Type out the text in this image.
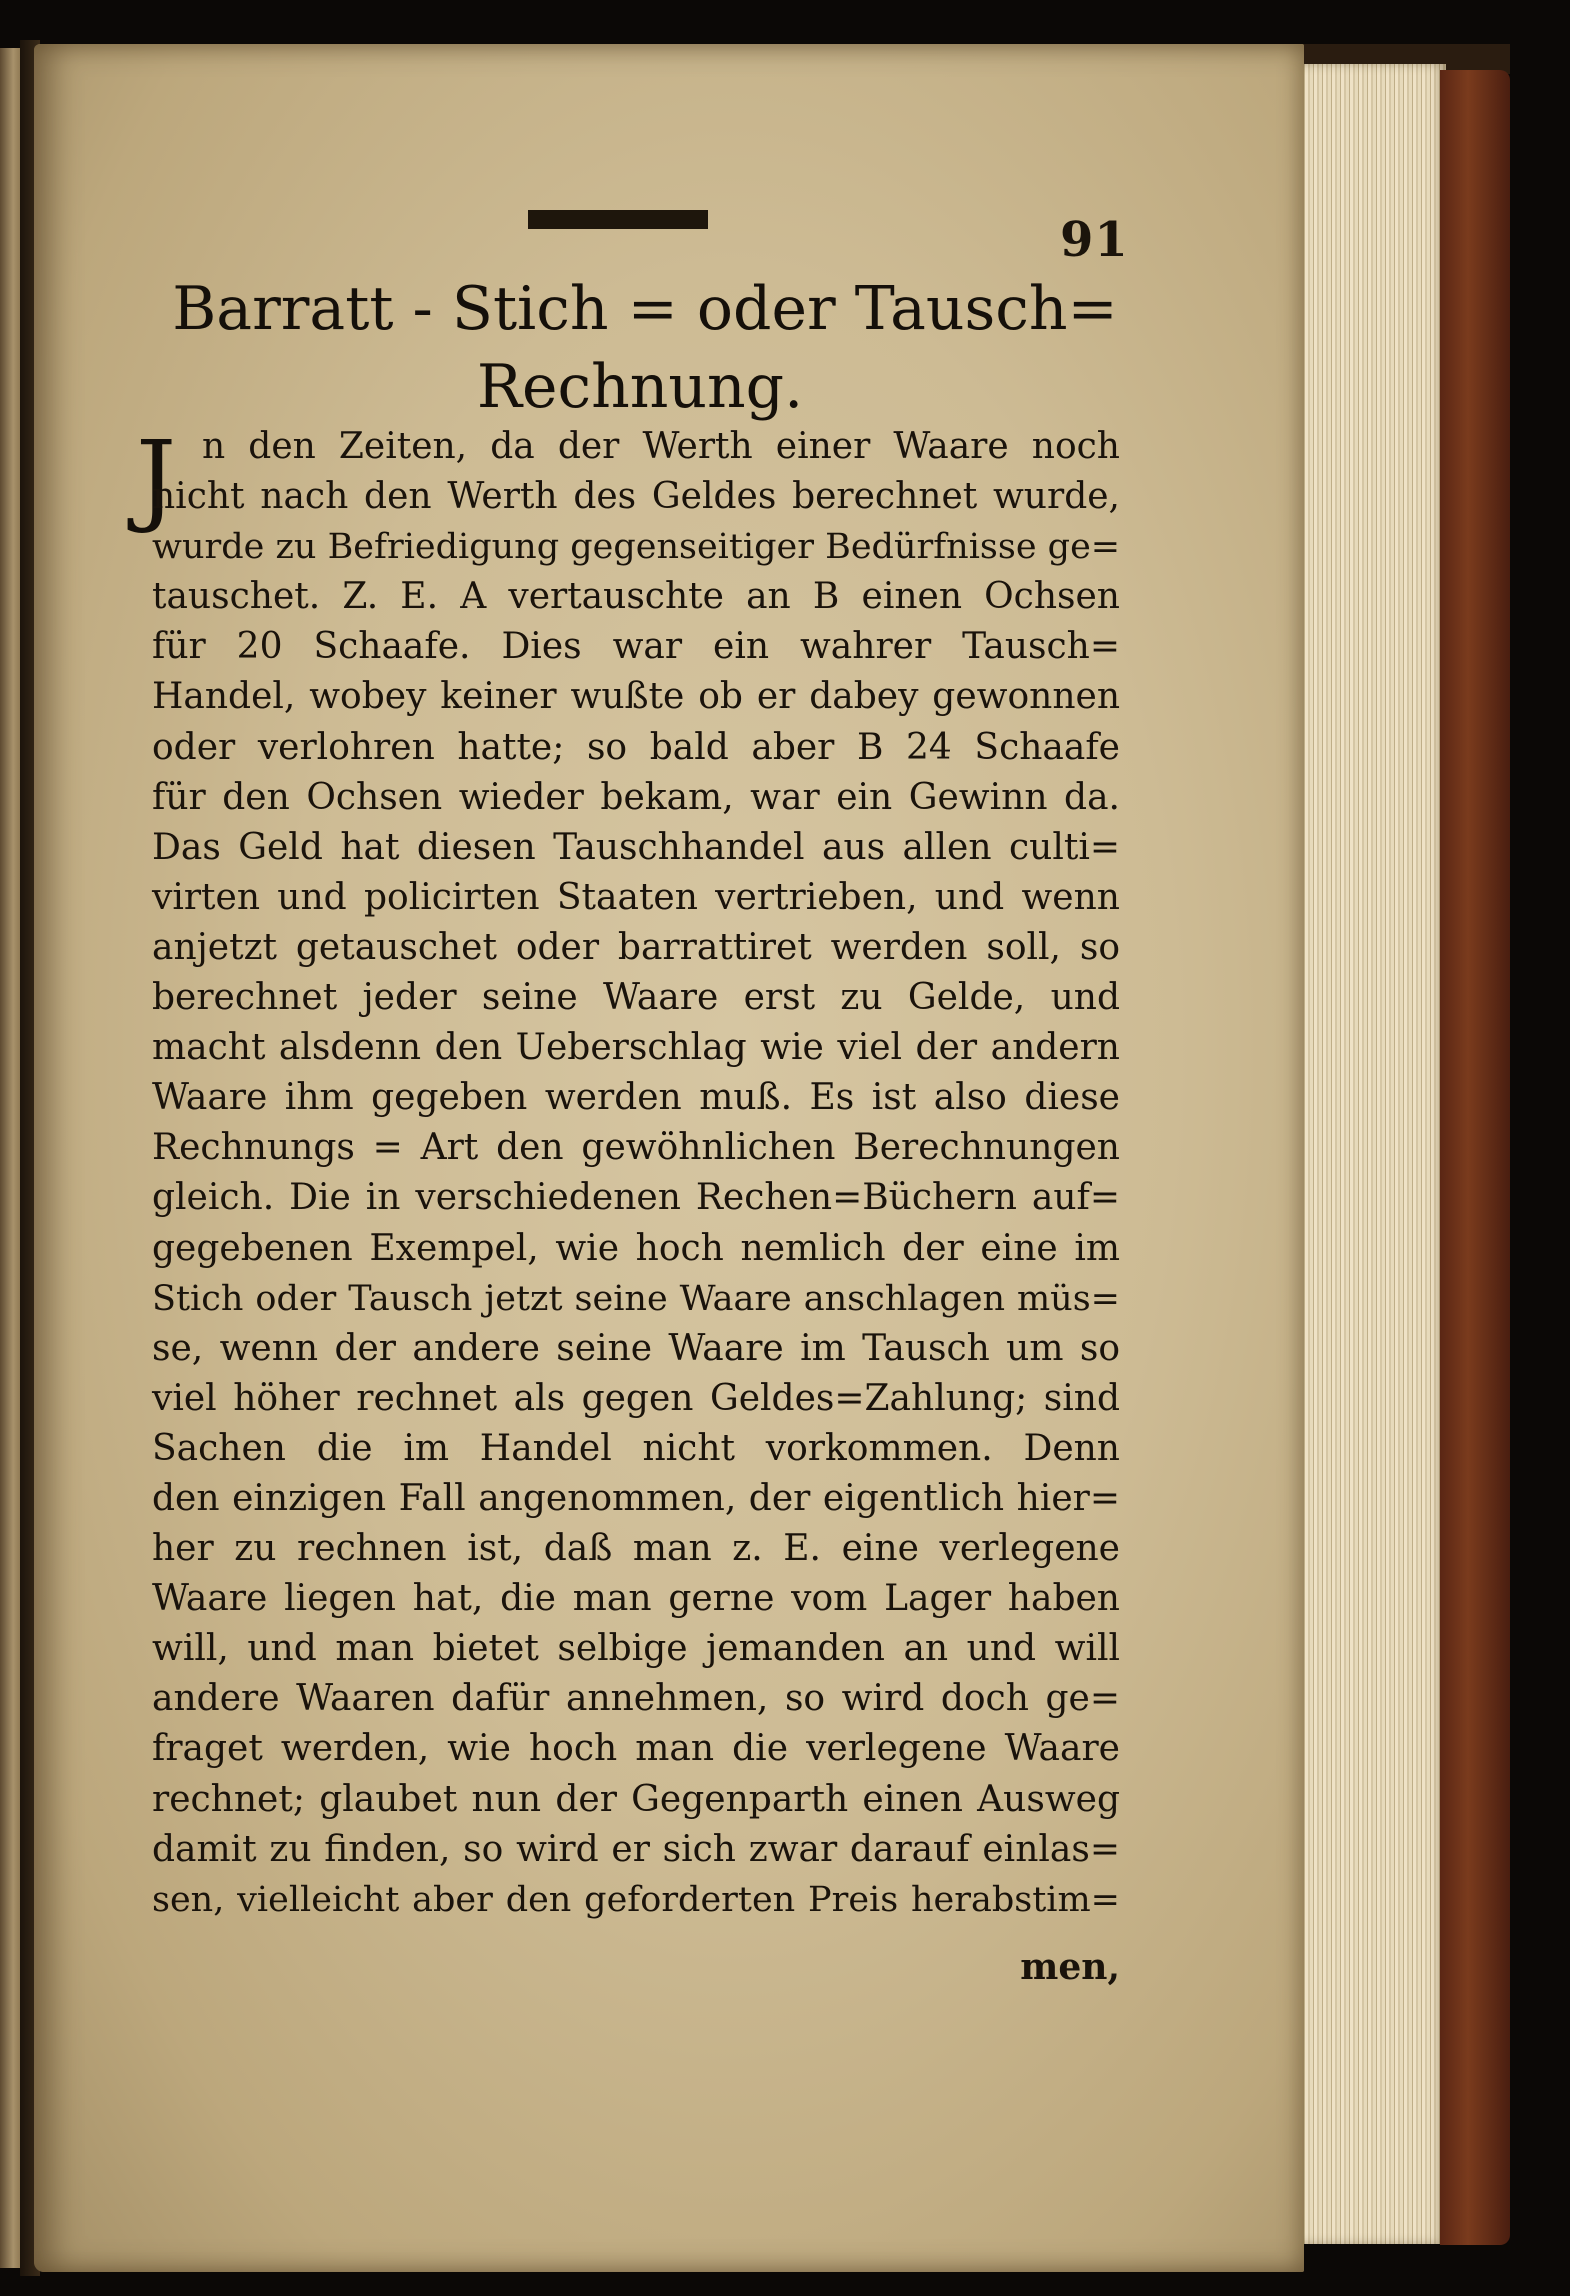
91
Barratt - Stich = oder Tausch=
Rechnung.
J n den Zeiten, da der Werth einer Waare noch
nicht nach den Werth des Geldes berechnet wurde,
wurde zu Befriedigung gegenseitiger Bedürfnisse ge=
tauschet. Z. E. A vertauschte an B einen Ochsen
für 20 Schaafe. Dies war ein wahrer Tausch=
Handel, wobey keiner wußte ob er dabey gewonnen
oder verlohren hatte; so bald aber B 24 Schaafe
für den Ochsen wieder bekam, war ein Gewinn da.
Das Geld hat diesen Tauschhandel aus allen culti=
virten und policirten Staaten vertrieben, und wenn
anjetzt getauschet oder barrattiret werden soll, so
berechnet jeder seine Waare erst zu Gelde, und
macht alsdenn den Ueberschlag wie viel der andern
Waare ihm gegeben werden muß. Es ist also diese
Rechnungs = Art den gewöhnlichen Berechnungen
gleich. Die in verschiedenen Rechen=Büchern auf=
gegebenen Exempel, wie hoch nemlich der eine im
Stich oder Tausch jetzt seine Waare anschlagen müs=
se, wenn der andere seine Waare im Tausch um so
viel höher rechnet als gegen Geldes=Zahlung; sind
Sachen die im Handel nicht vorkommen. Denn
den einzigen Fall angenommen, der eigentlich hier=
her zu rechnen ist, daß man z. E. eine verlegene
Waare liegen hat, die man gerne vom Lager haben
will, und man bietet selbige jemanden an und will
andere Waaren dafür annehmen, so wird doch ge=
fraget werden, wie hoch man die verlegene Waare
rechnet; glaubet nun der Gegenparth einen Ausweg
damit zu finden, so wird er sich zwar darauf einlas=
sen, vielleicht aber den geforderten Preis herabstim=
men,
